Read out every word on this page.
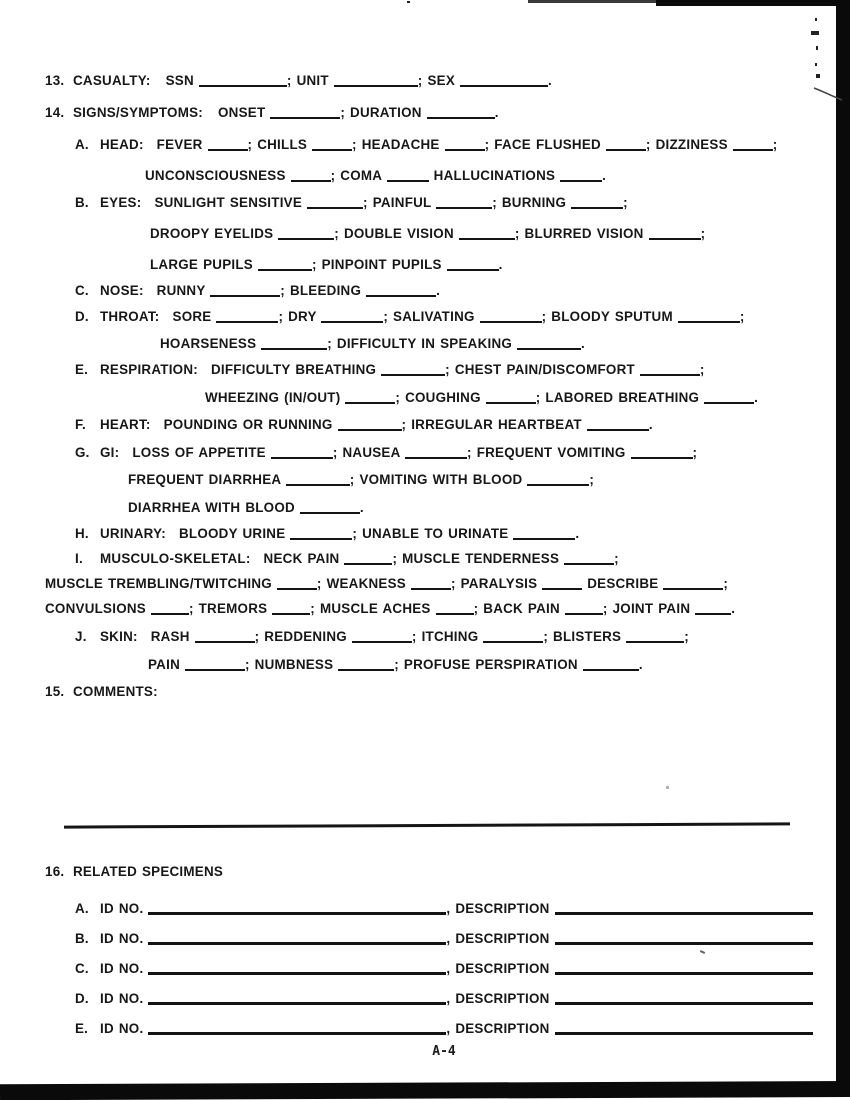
13. CASUALTY: SSN	; UNIT	; SEX	.
14. SIGNS/SYMPTOMS: ONSET	; DURATION	.
A. HEAD: FEVER	; CHILLS	; HEADACHE	; FACE FLUSHED	; DIZZINESS	;
UNCONSCIOUSNESS	; COMA	HALLUCINATIONS	.
B. EYES: SUNLIGHT SENSITIVE	; PAINFUL	; BURNING	;
DROOPY EYELIDS	; DOUBLE VISION	; BLURRED VISION	;
LARGE PUPILS	; PINPOINT PUPILS	.
C. NOSE: RUNNY	; BLEEDING	.
D. THROAT: SORE	; DRY	; SALIVATING	; BLOODY SPUTUM	;
HOARSENESS	; DIFFICULTY IN SPEAKING	.
E. RESPIRATION: DIFFICULTY BREATHING	; CHEST PAIN/DISCOMFORT	;
WHEEZING (IN/OUT)	; COUGHING	; LABORED BREATHING	.
F. HEART: POUNDING OR RUNNING	; IRREGULAR HEARTBEAT	.
G. GI: LOSS OF APPETITE	; NAUSEA	; FREQUENT VOMITING	;
FREQUENT DIARRHEA	; VOMITING WITH BLOOD	;
DIARRHEA WITH BLOOD	.
H. URINARY: BLOODY URINE	; UNABLE TO URINATE	.
I. MUSCULO-SKELETAL: NECK PAIN	; MUSCLE TENDERNESS	;
MUSCLE TREMBLING/TWITCHING	; WEAKNESS	; PARALYSIS	DESCRIBE	;
CONVULSIONS	; TREMORS	; MUSCLE ACHES	; BACK PAIN	; JOINT PAIN	.
J. SKIN: RASH	; REDDENING	; ITCHING	; BLISTERS	;
PAIN	; NUMBNESS	; PROFUSE PERSPIRATION	.
15. COMMENTS:
16. RELATED SPECIMENS
A. ID NO.	, DESCRIPTION
B. ID NO.	, DESCRIPTION
C. ID NO.	, DESCRIPTION
D. ID NO.	, DESCRIPTION
E. ID NO.	, DESCRIPTION
A-4
